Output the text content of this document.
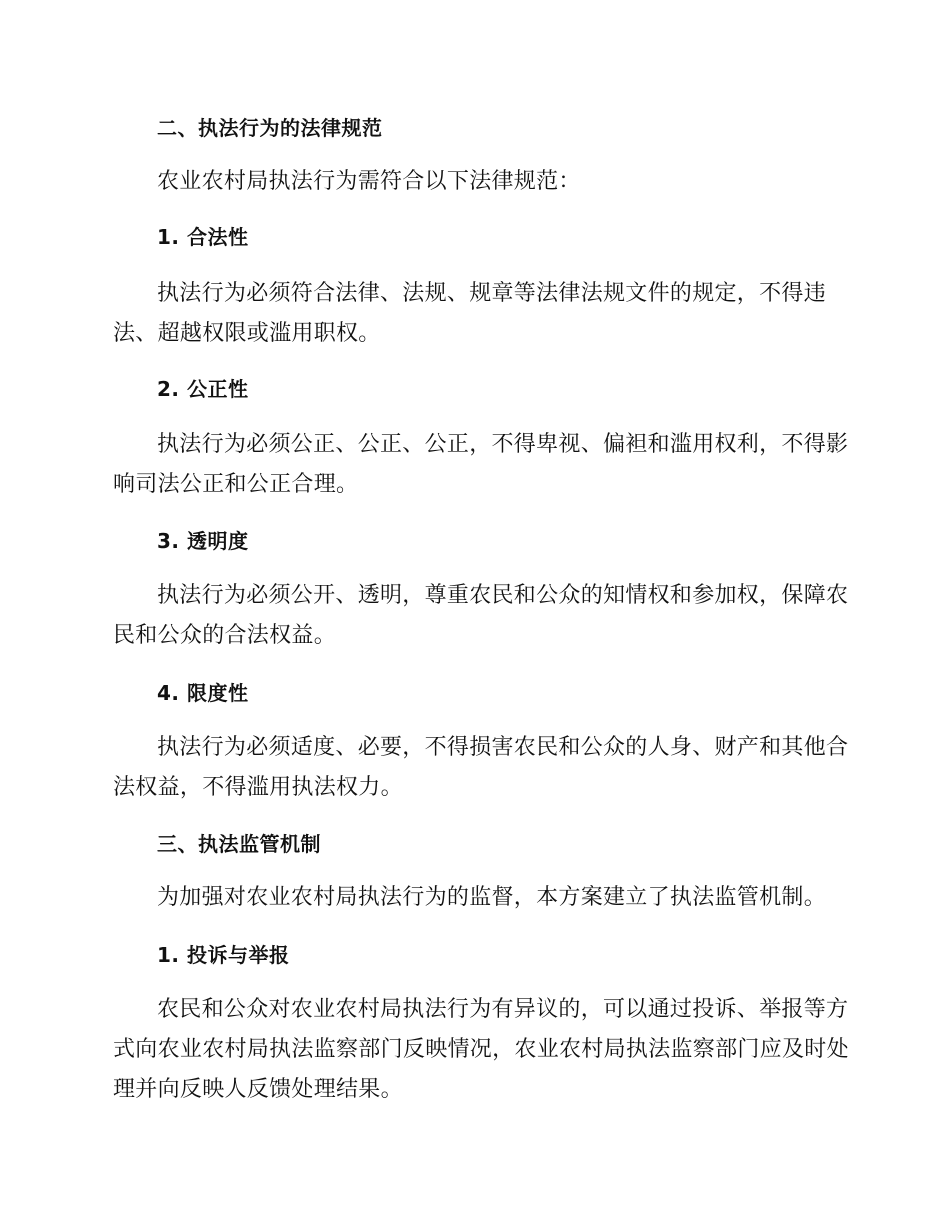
二、执法行为的法律规范
农业农村局执法行为需符合以下法律规范：
1. 合法性
执法行为必须符合法律、法规、规章等法律法规文件的规定，不得违
法、超越权限或滥用职权。
2. 公正性
执法行为必须公正、公正、公正，不得卑视、偏袒和滥用权利，不得影
响司法公正和公正合理。
3. 透明度
执法行为必须公开、透明，尊重农民和公众的知情权和参加权，保障农
民和公众的合法权益。
4. 限度性
执法行为必须适度、必要，不得损害农民和公众的人身、财产和其他合
法权益，不得滥用执法权力。
三、执法监管机制
为加强对农业农村局执法行为的监督，本方案建立了执法监管机制。
1. 投诉与举报
农民和公众对农业农村局执法行为有异议的，可以通过投诉、举报等方
式向农业农村局执法监察部门反映情况，农业农村局执法监察部门应及时处
理并向反映人反馈处理结果。
